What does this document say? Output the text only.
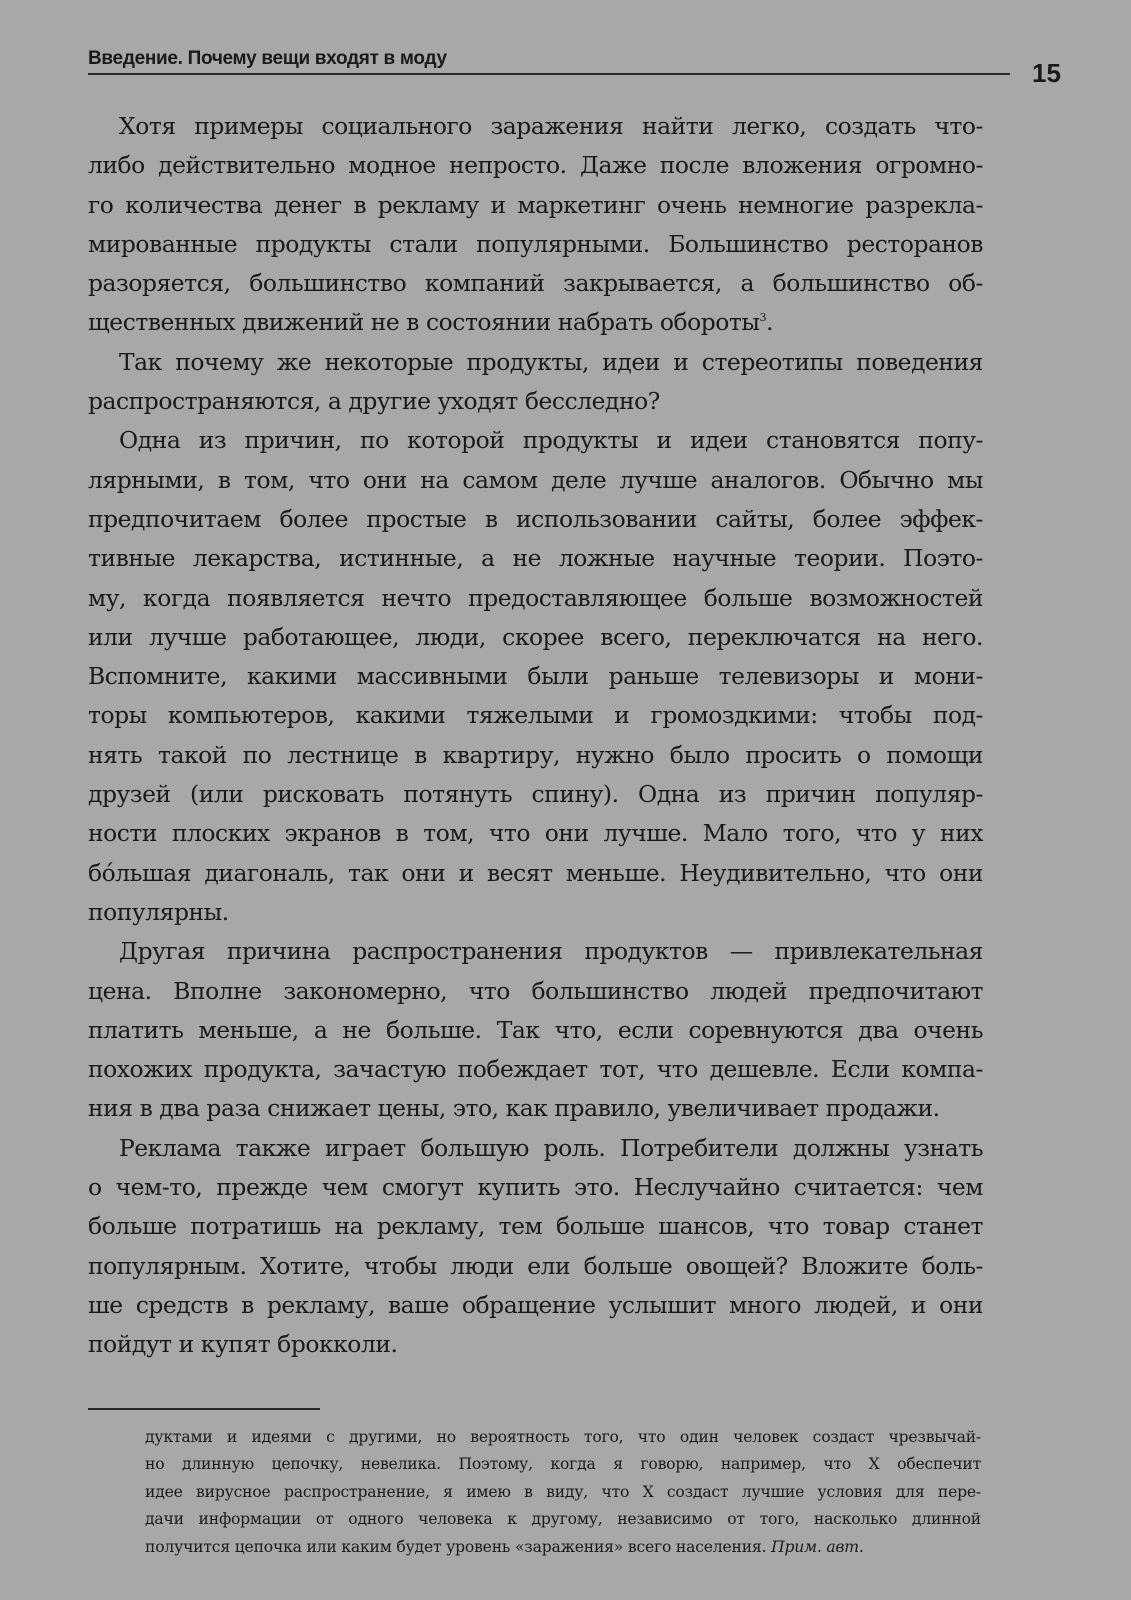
Введение. Почему вещи входят в моду	15
Хотя примеры социального заражения найти легко, создать что-
либо действительно модное непросто. Даже после вложения огромно-
го количества денег в рекламу и маркетинг очень немногие разрекла-
мированные продукты стали популярными. Большинство ресторанов
разоряется, большинство компаний закрывается, а большинство об-
щественных движений не в состоянии набрать обороты$^3$.
Так почему же некоторые продукты, идеи и стереотипы поведения
распространяются, а другие уходят бесследно?
Одна из причин, по которой продукты и идеи становятся попу-
лярными, в том, что они на самом деле лучше аналогов. Обычно мы
предпочитаем более простые в использовании сайты, более эффек-
тивные лекарства, истинные, а не ложные научные теории. Поэто-
му, когда появляется нечто предоставляющее больше возможностей
или лучше работающее, люди, скорее всего, переключатся на него.
Вспомните, какими массивными были раньше телевизоры и мони-
торы компьютеров, какими тяжелыми и громоздкими: чтобы под-
нять такой по лестнице в квартиру, нужно было просить о помощи
друзей (или рисковать потянуть спину). Одна из причин популяр-
ности плоских экранов в том, что они лучше. Мало того, что у них
бóльшая диагональ, так они и весят меньше. Неудивительно, что они
популярны.
Другая причина распространения продуктов — привлекательная
цена. Вполне закономерно, что большинство людей предпочитают
платить меньше, а не больше. Так что, если соревнуются два очень
похожих продукта, зачастую побеждает тот, что дешевле. Если компа-
ния в два раза снижает цены, это, как правило, увеличивает продажи.
Реклама также играет большую роль. Потребители должны узнать
о чем-то, прежде чем смогут купить это. Неслучайно считается: чем
больше потратишь на рекламу, тем больше шансов, что товар станет
популярным. Хотите, чтобы люди ели больше овощей? Вложите боль-
ше средств в рекламу, ваше обращение услышит много людей, и они
пойдут и купят брокколи.
дуктами и идеями с другими, но вероятность того, что один человек создаст чрезвычай-
но длинную цепочку, невелика. Поэтому, когда я говорю, например, что X обеспечит
идее вирусное распространение, я имею в виду, что X создаст лучшие условия для пере-
дачи информации от одного человека к другому, независимо от того, насколько длинной
получится цепочка или каким будет уровень «заражения» всего населения. Прим. авт.
